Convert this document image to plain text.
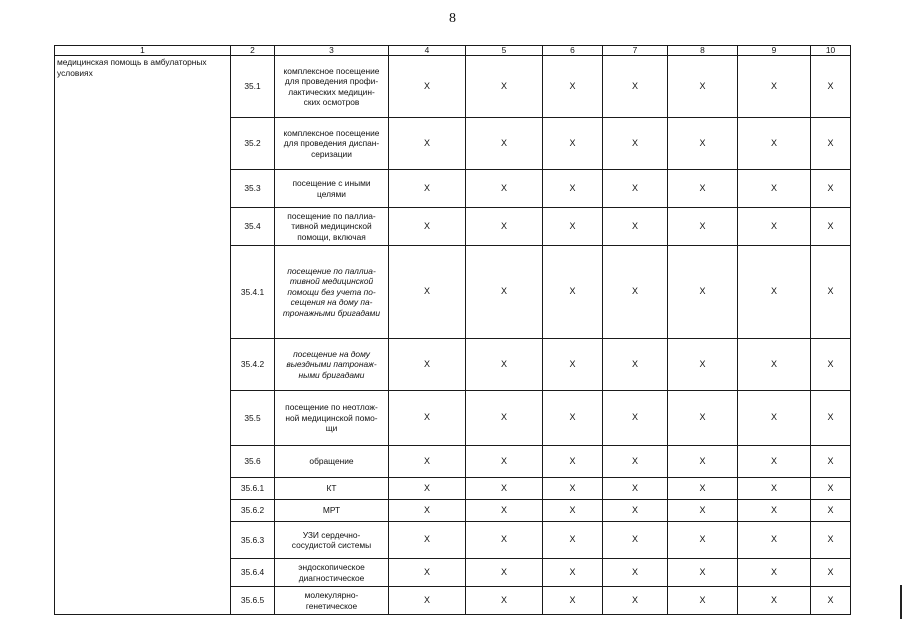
8
1	2	3	4	5	6	7	8	9	10
медицинская помощь в амбулаторных условиях	35.1	комплексное посещение для проведения профи-лактических медицин-ских осмотров	X	X	X	X	X	X	X
	35.2	комплексное посещение для проведения диспан-серизации	X	X	X	X	X	X	X
	35.3	посещение с иными целями	X	X	X	X	X	X	X
	35.4	посещение по паллиа-тивной медицинской помощи, включая	X	X	X	X	X	X	X
	35.4.1	посещение по паллиа-тивной медицинской помощи без учета по-сещения на дому па-тронажными бригадами	X	X	X	X	X	X	X
	35.4.2	посещение на дому выездными патронаж-ными бригадами	X	X	X	X	X	X	X
	35.5	посещение по неотлож-ной медицинской помо-щи	X	X	X	X	X	X	X
	35.6	обращение	X	X	X	X	X	X	X
	35.6.1	КТ	X	X	X	X	X	X	X
	35.6.2	МРТ	X	X	X	X	X	X	X
	35.6.3	УЗИ сердечно-сосудистой системы	X	X	X	X	X	X	X
	35.6.4	эндоскопическое диагностическое	X	X	X	X	X	X	X
	35.6.5	молекулярно-генетическое	X	X	X	X	X	X	X
